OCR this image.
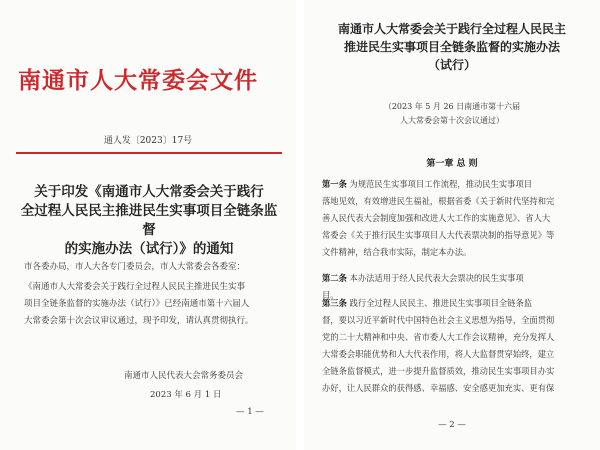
南通市人大常委会文件
通人发〔2023〕17号
关于印发《南通市人大常委会关于践行
全过程人民民主推进民生实事项目全链条监督
的实施办法（试行）》的通知
市各委办局，市人大各专门委员会，市人大常委会各委室：
《南通市人大常委会关于践行全过程人民民主推进民生实事
项目全链条监督的实施办法（试行）》已经南通市第十六届人
大常委会第十次会议审议通过，现予印发，请认真贯彻执行。
南通市人民代表大会常务委员会
2023 年 6 月 1 日
— 1 —
南通市人大常委会关于践行全过程人民民主
推进民生实事项目全链条监督的实施办法
（试行）
（2023 年 5 月 26 日南通市第十六届
人大常委会第十次会议通过）
第一章 总 则
第一条 为规范民生实事项目工作流程，推动民生实事项目
落地见效，有效增进民生福祉，根据省委《关于新时代坚持和完
善人民代表大会制度加强和改进人大工作的实施意见》、省人大
常委会《关于推行民生实事项目人大代表票决制的指导意见》等
文件精神，结合我市实际，制定本办法。
第二条 本办法适用于经人民代表大会票决的民生实事项
目。
第三条 践行全过程人民民主、推进民生实事项目全链条监
督，要以习近平新时代中国特色社会主义思想为指导，全面贯彻
党的二十大精神和中央、省市委人大工作会议精神，充分发挥人
大常委会职能优势和人大代表作用，将人大监督贯穿始终，建立
全链条监督模式，进一步提升监督质效，推动民生实事项目办实
办好，让人民群众的获得感、幸福感、安全感更加充实、更有保
— 2 —
